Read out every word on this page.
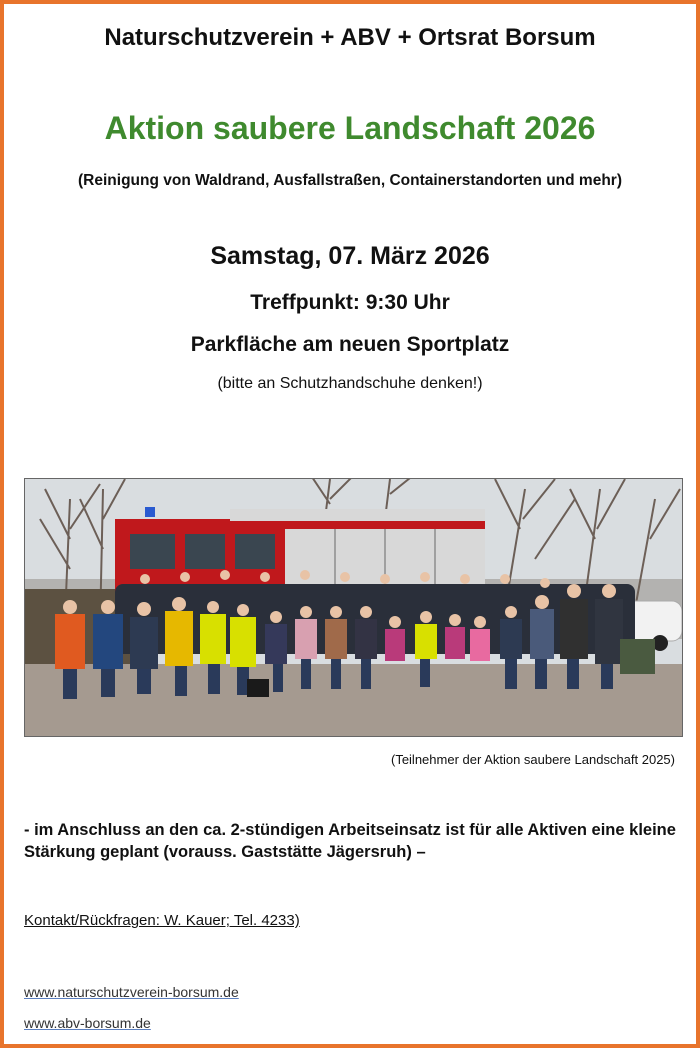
Naturschutzverein + ABV + Ortsrat Borsum
Aktion saubere Landschaft 2026
(Reinigung von Waldrand, Ausfallstraßen, Containerstandorten und mehr)
Samstag, 07. März 2026
Treffpunkt: 9:30 Uhr
Parkfläche am neuen Sportplatz
(bitte an Schutzhandschuhe denken!)
(Teilnehmer der Aktion saubere Landschaft 2025)
- im Anschluss an den ca. 2-stündigen Arbeitseinsatz ist für alle Aktiven eine kleine Stärkung geplant (vorauss. Gaststätte Jägersruh) –
Kontakt/Rückfragen: W. Kauer; Tel. 4233)
www.naturschutzverein-borsum.de
www.abv-borsum.de
